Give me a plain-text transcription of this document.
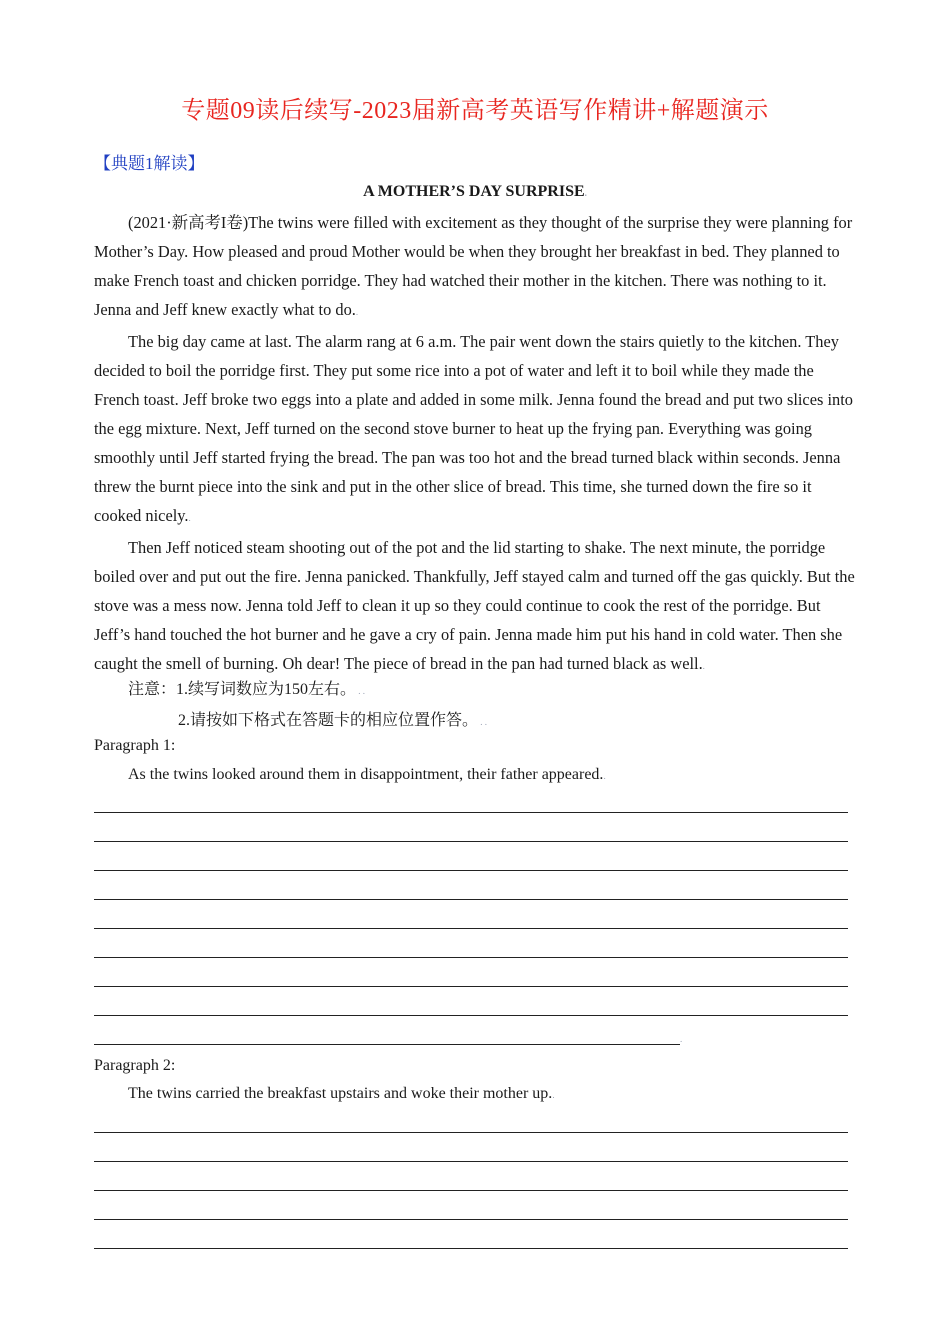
专题09读后续写-2023届新高考英语写作精讲+解题演示
【典题1解读】
A MOTHER’S DAY SURPRISE.

(2021·新高考I卷)The twins were filled with excitement as they thought of the surprise they were planning for Mother’s Day. How pleased and proud Mother would be when they brought her breakfast in bed. They planned to make French toast and chicken porridge. They had watched their mother in the kitchen. There was nothing to it. Jenna and Jeff knew exactly what to do..

The big day came at last. The alarm rang at 6 a.m. The pair went down the stairs quietly to the kitchen. They decided to boil the porridge first. They put some rice into a pot of water and left it to boil while they made the French toast. Jeff broke two eggs into a plate and added in some milk. Jenna found the bread and put two slices into the egg mixture. Next, Jeff turned on the second stove burner to heat up the frying pan. Everything was going smoothly until Jeff started frying the bread. The pan was too hot and the bread turned black within seconds. Jenna threw the burnt piece into the sink and put in the other slice of bread. This time, she turned down the fire so it cooked nicely..

Then Jeff noticed steam shooting out of the pot and the lid starting to shake. The next minute, the porridge boiled over and put out the fire. Jenna panicked. Thankfully, Jeff stayed calm and turned off the gas quickly. But the stove was a mess now. Jenna told Jeff to clean it up so they could continue to cook the rest of the porridge. But Jeff’s hand touched the hot burner and he gave a cry of pain. Jenna made him put his hand in cold water. Then she caught the smell of burning. Oh dear! The piece of bread in the pan had turned black as well..

注意：1.续写词数应为150左右。 . .
2.请按如下格式在答题卡的相应位置作答。 . .
Paragraph 1:
As the twins looked around them in disappointment, their father appeared..
.
Paragraph 2:
The twins carried the breakfast upstairs and woke their mother up..
